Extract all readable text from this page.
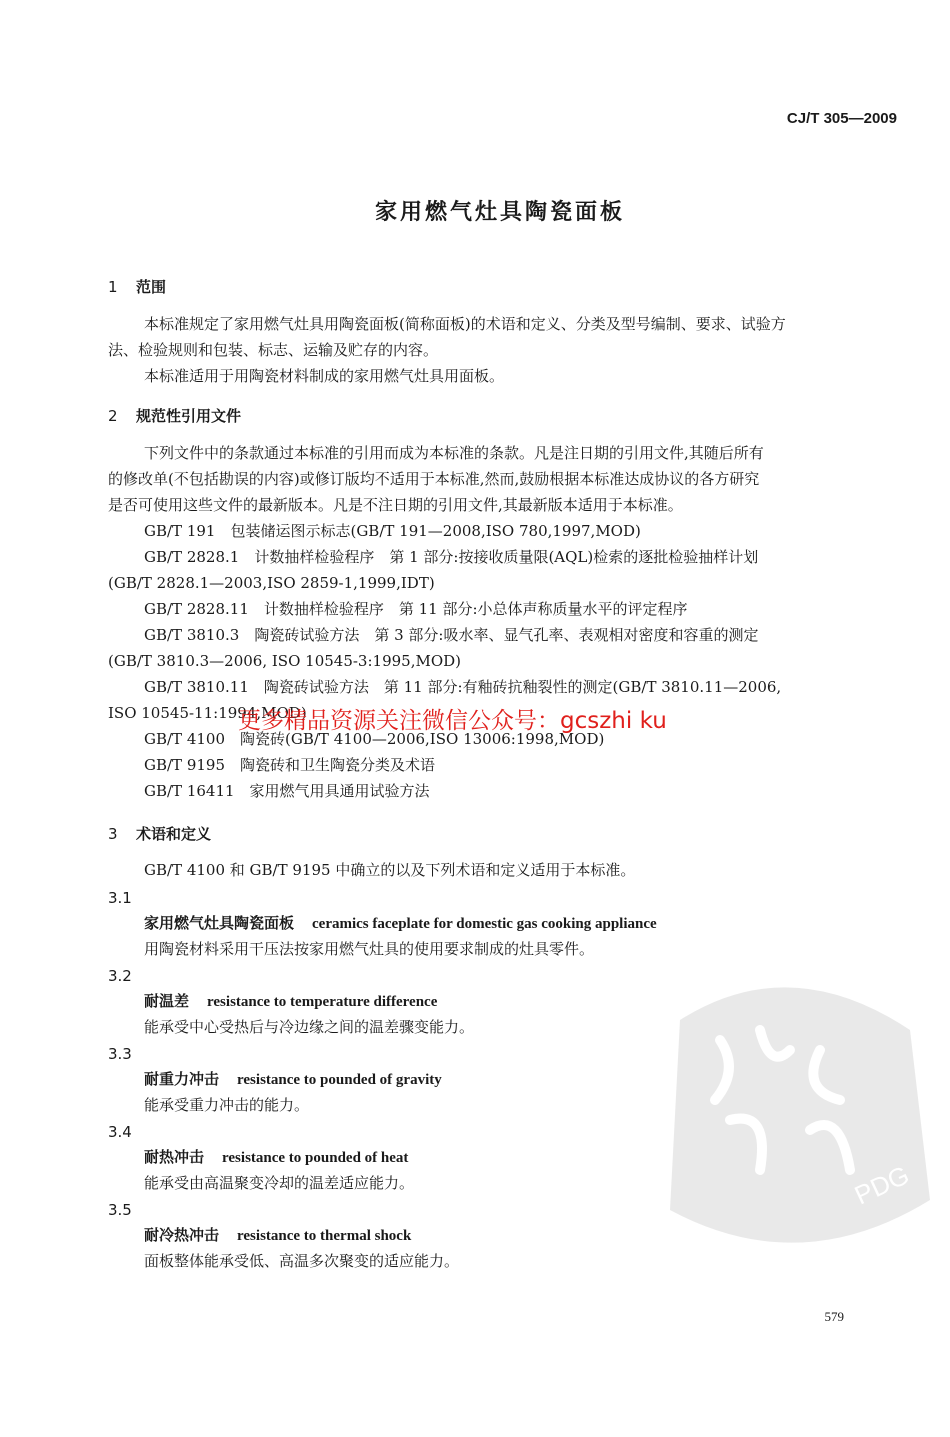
CJ/T 305—2009
家用燃气灶具陶瓷面板
1 范围

本标准规定了家用燃气灶具用陶瓷面板(简称面板)的术语和定义、分类及型号编制、要求、试验方

法、检验规则和包装、标志、运输及贮存的内容。

本标准适用于用陶瓷材料制成的家用燃气灶具用面板。

2 规范性引用文件

下列文件中的条款通过本标准的引用而成为本标准的条款。凡是注日期的引用文件,其随后所有

的修改单(不包括勘误的内容)或修订版均不适用于本标准,然而,鼓励根据本标准达成协议的各方研究

是否可使用这些文件的最新版本。凡是不注日期的引用文件,其最新版本适用于本标准。

GB/T 191　包装储运图示标志(GB/T 191—2008,ISO 780,1997,MOD)

GB/T 2828.1　计数抽样检验程序　第 1 部分:按接收质量限(AQL)检索的逐批检验抽样计划

(GB/T 2828.1—2003,ISO 2859-1,1999,IDT)

GB/T 2828.11　计数抽样检验程序　第 11 部分:小总体声称质量水平的评定程序

GB/T 3810.3　陶瓷砖试验方法　第 3 部分:吸水率、显气孔率、表观相对密度和容重的测定

(GB/T 3810.3—2006, ISO 10545-3:1995,MOD)

GB/T 3810.11　陶瓷砖试验方法　第 11 部分:有釉砖抗釉裂性的测定(GB/T 3810.11—2006,

ISO 10545-11:1994,MOD)

GB/T 4100　陶瓷砖(GB/T 4100—2006,ISO 13006:1998,MOD)

GB/T 9195　陶瓷砖和卫生陶瓷分类及术语

GB/T 16411　家用燃气用具通用试验方法

3 术语和定义

GB/T 4100 和 GB/T 9195 中确立的以及下列术语和定义适用于本标准。

3.1
家用燃气灶具陶瓷面板 ceramics faceplate for domestic gas cooking appliance
用陶瓷材料采用干压法按家用燃气灶具的使用要求制成的灶具零件。
3.2
耐温差 resistance to temperature difference
能承受中心受热后与冷边缘之间的温差骤变能力。
3.3
耐重力冲击 resistance to pounded of gravity
能承受重力冲击的能力。
3.4
耐热冲击 resistance to pounded of heat
能承受由高温聚变冷却的温差适应能力。
3.5
耐冷热冲击 resistance to thermal shock
面板整体能承受低、高温多次聚变的适应能力。
更多精品资源关注微信公众号：gcszhi ku
PDG
579
